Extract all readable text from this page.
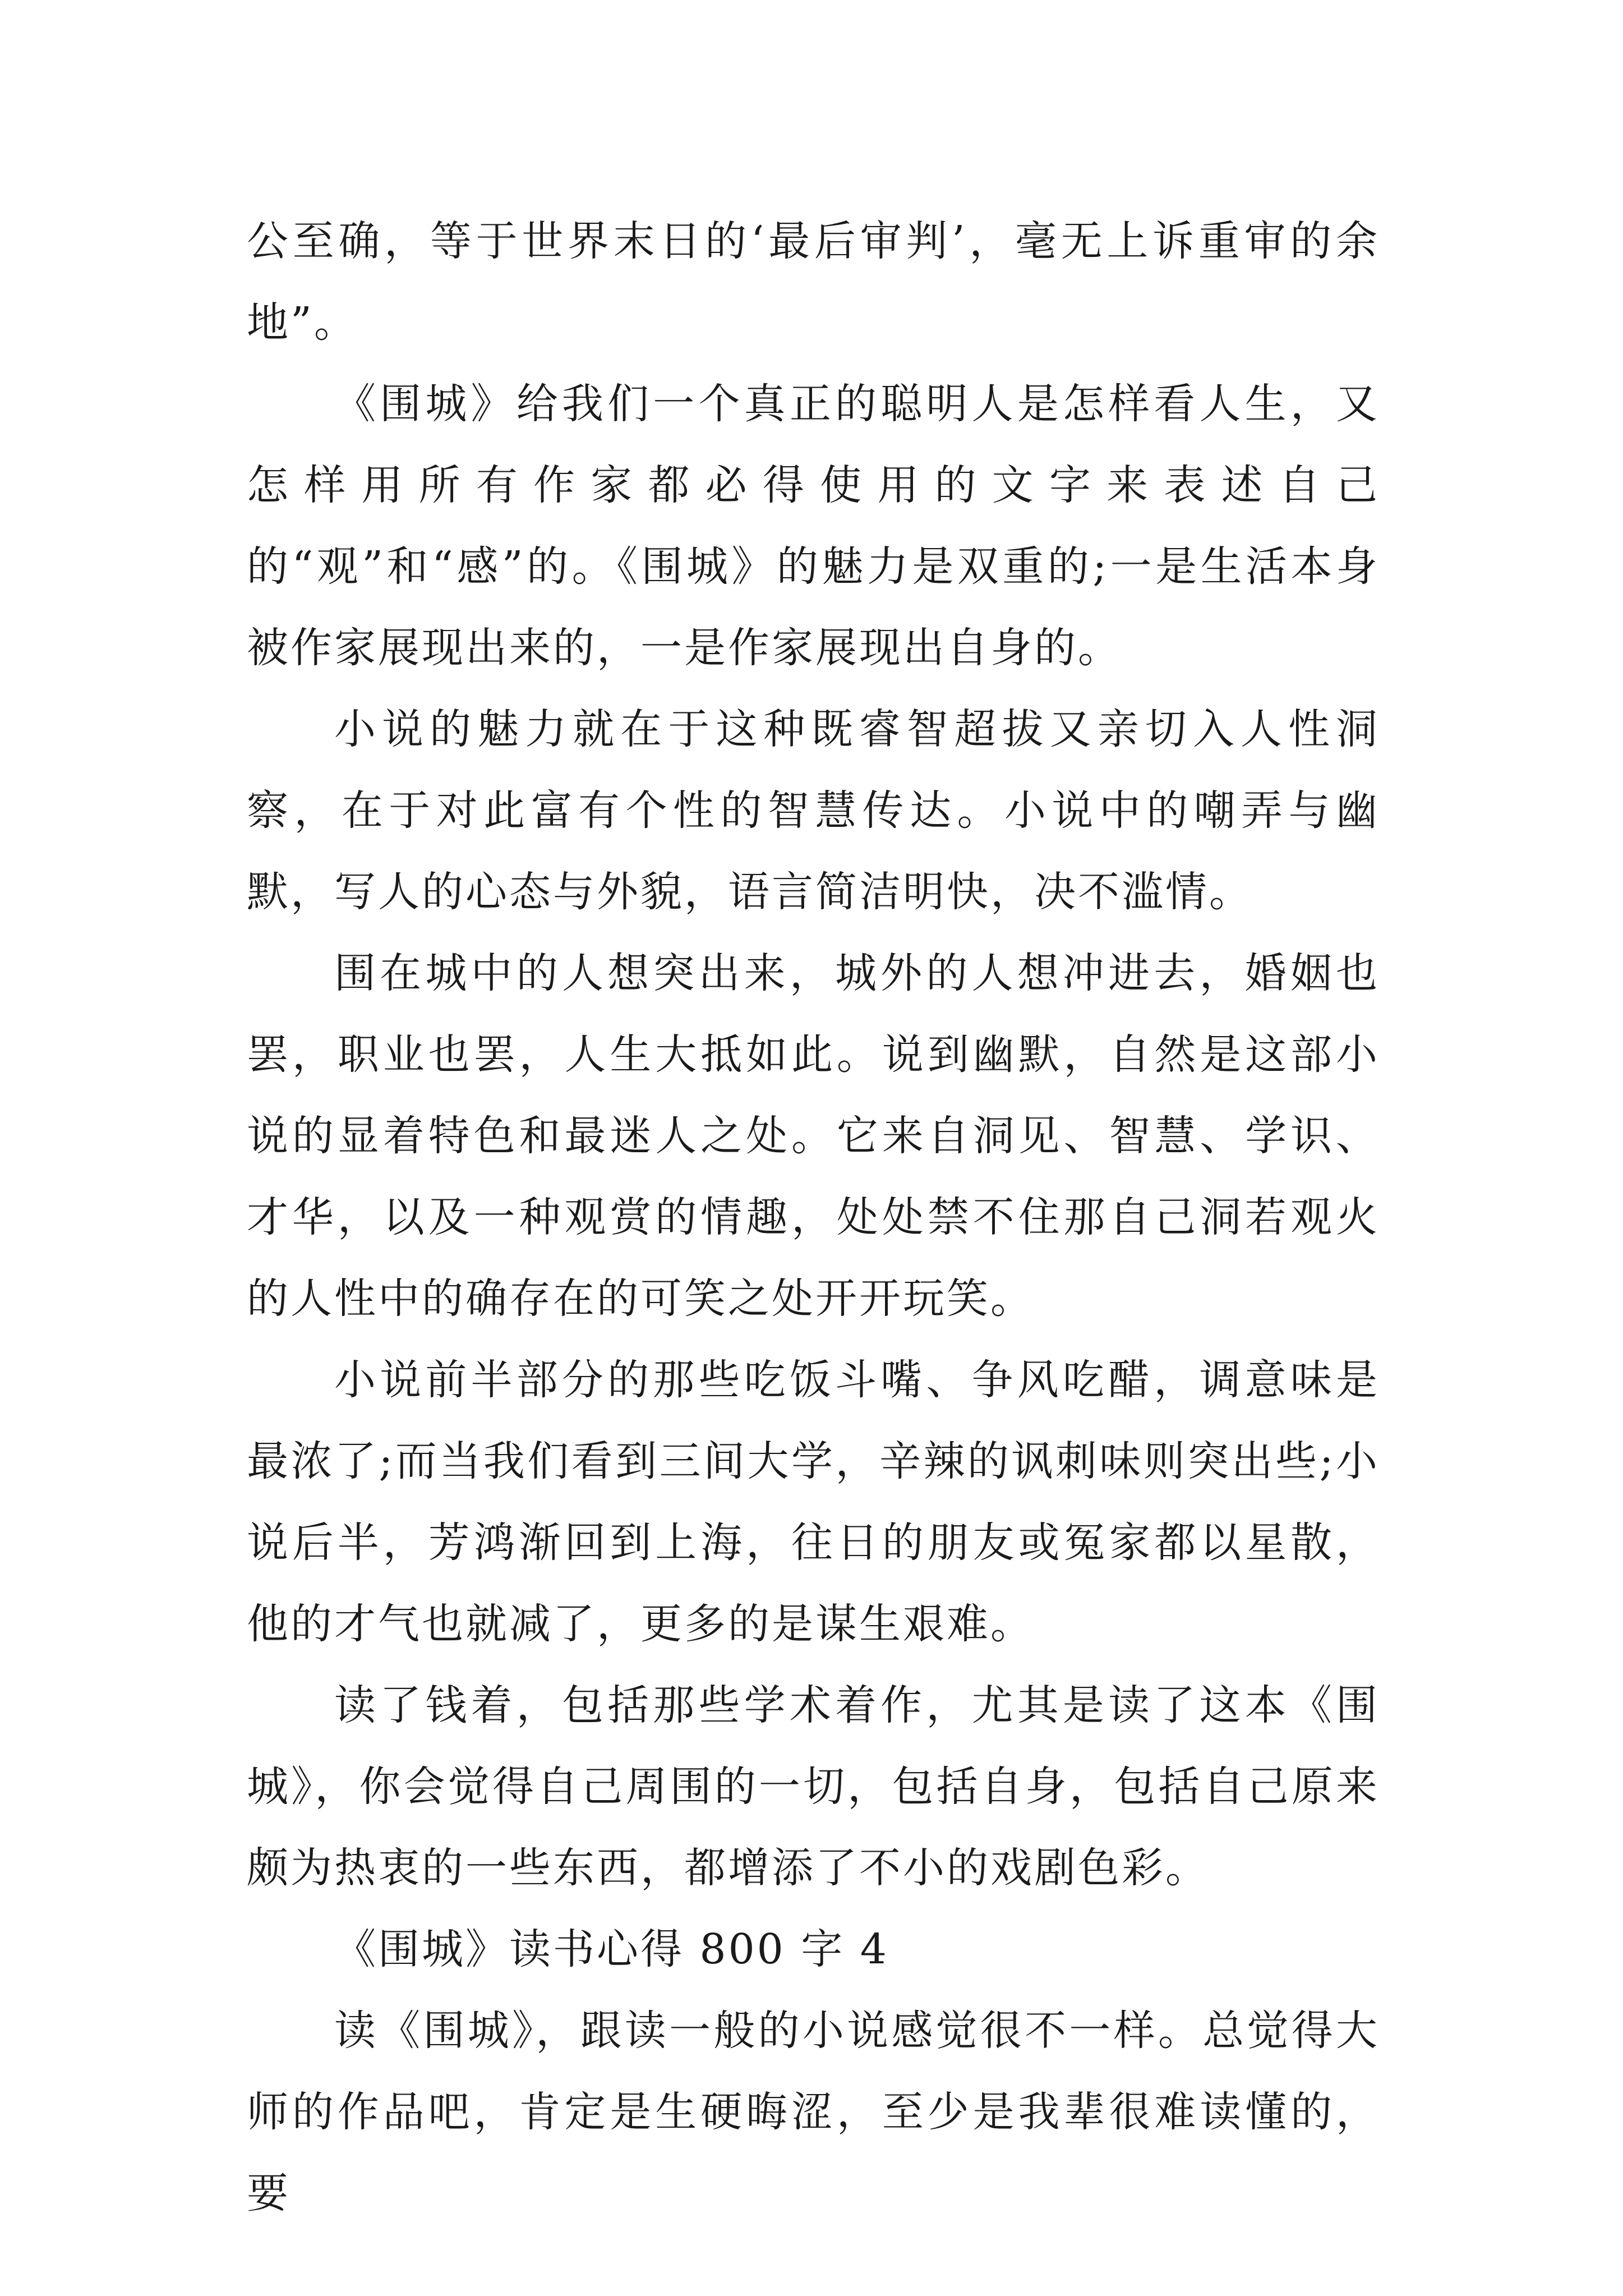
公至确，等于世界末日的‘最后审判’，毫无上诉重审的余地”。

《围城》给我们一个真正的聪明人是怎样看人生，又怎样用所有作家都必得使用的文字来表述自己的“观”和“感”的。《围城》的魅力是双重的;一是生活本身被作家展现出来的，一是作家展现出自身的。

小说的魅力就在于这种既睿智超拔又亲切入人性洞察，在于对此富有个性的智慧传达。小说中的嘲弄与幽默，写人的心态与外貌，语言简洁明快，决不滥情。

围在城中的人想突出来，城外的人想冲进去，婚姻也罢，职业也罢，人生大抵如此。说到幽默，自然是这部小说的显着特色和最迷人之处。它来自洞见、智慧、学识、才华，以及一种观赏的情趣，处处禁不住那自己洞若观火的人性中的确存在的可笑之处开开玩笑。

小说前半部分的那些吃饭斗嘴、争风吃醋，调意味是最浓了;而当我们看到三间大学，辛辣的讽刺味则突出些;小说后半，芳鸿渐回到上海，往日的朋友或冤家都以星散，他的才气也就减了，更多的是谋生艰难。

读了钱着，包括那些学术着作，尤其是读了这本《围城》，你会觉得自己周围的一切，包括自身，包括自己原来颇为热衷的一些东西，都增添了不小的戏剧色彩。

《围城》读书心得 800 字 4

读《围城》，跟读一般的小说感觉很不一样。总觉得大师的作品吧，肯定是生硬晦涩，至少是我辈很难读懂的，要
